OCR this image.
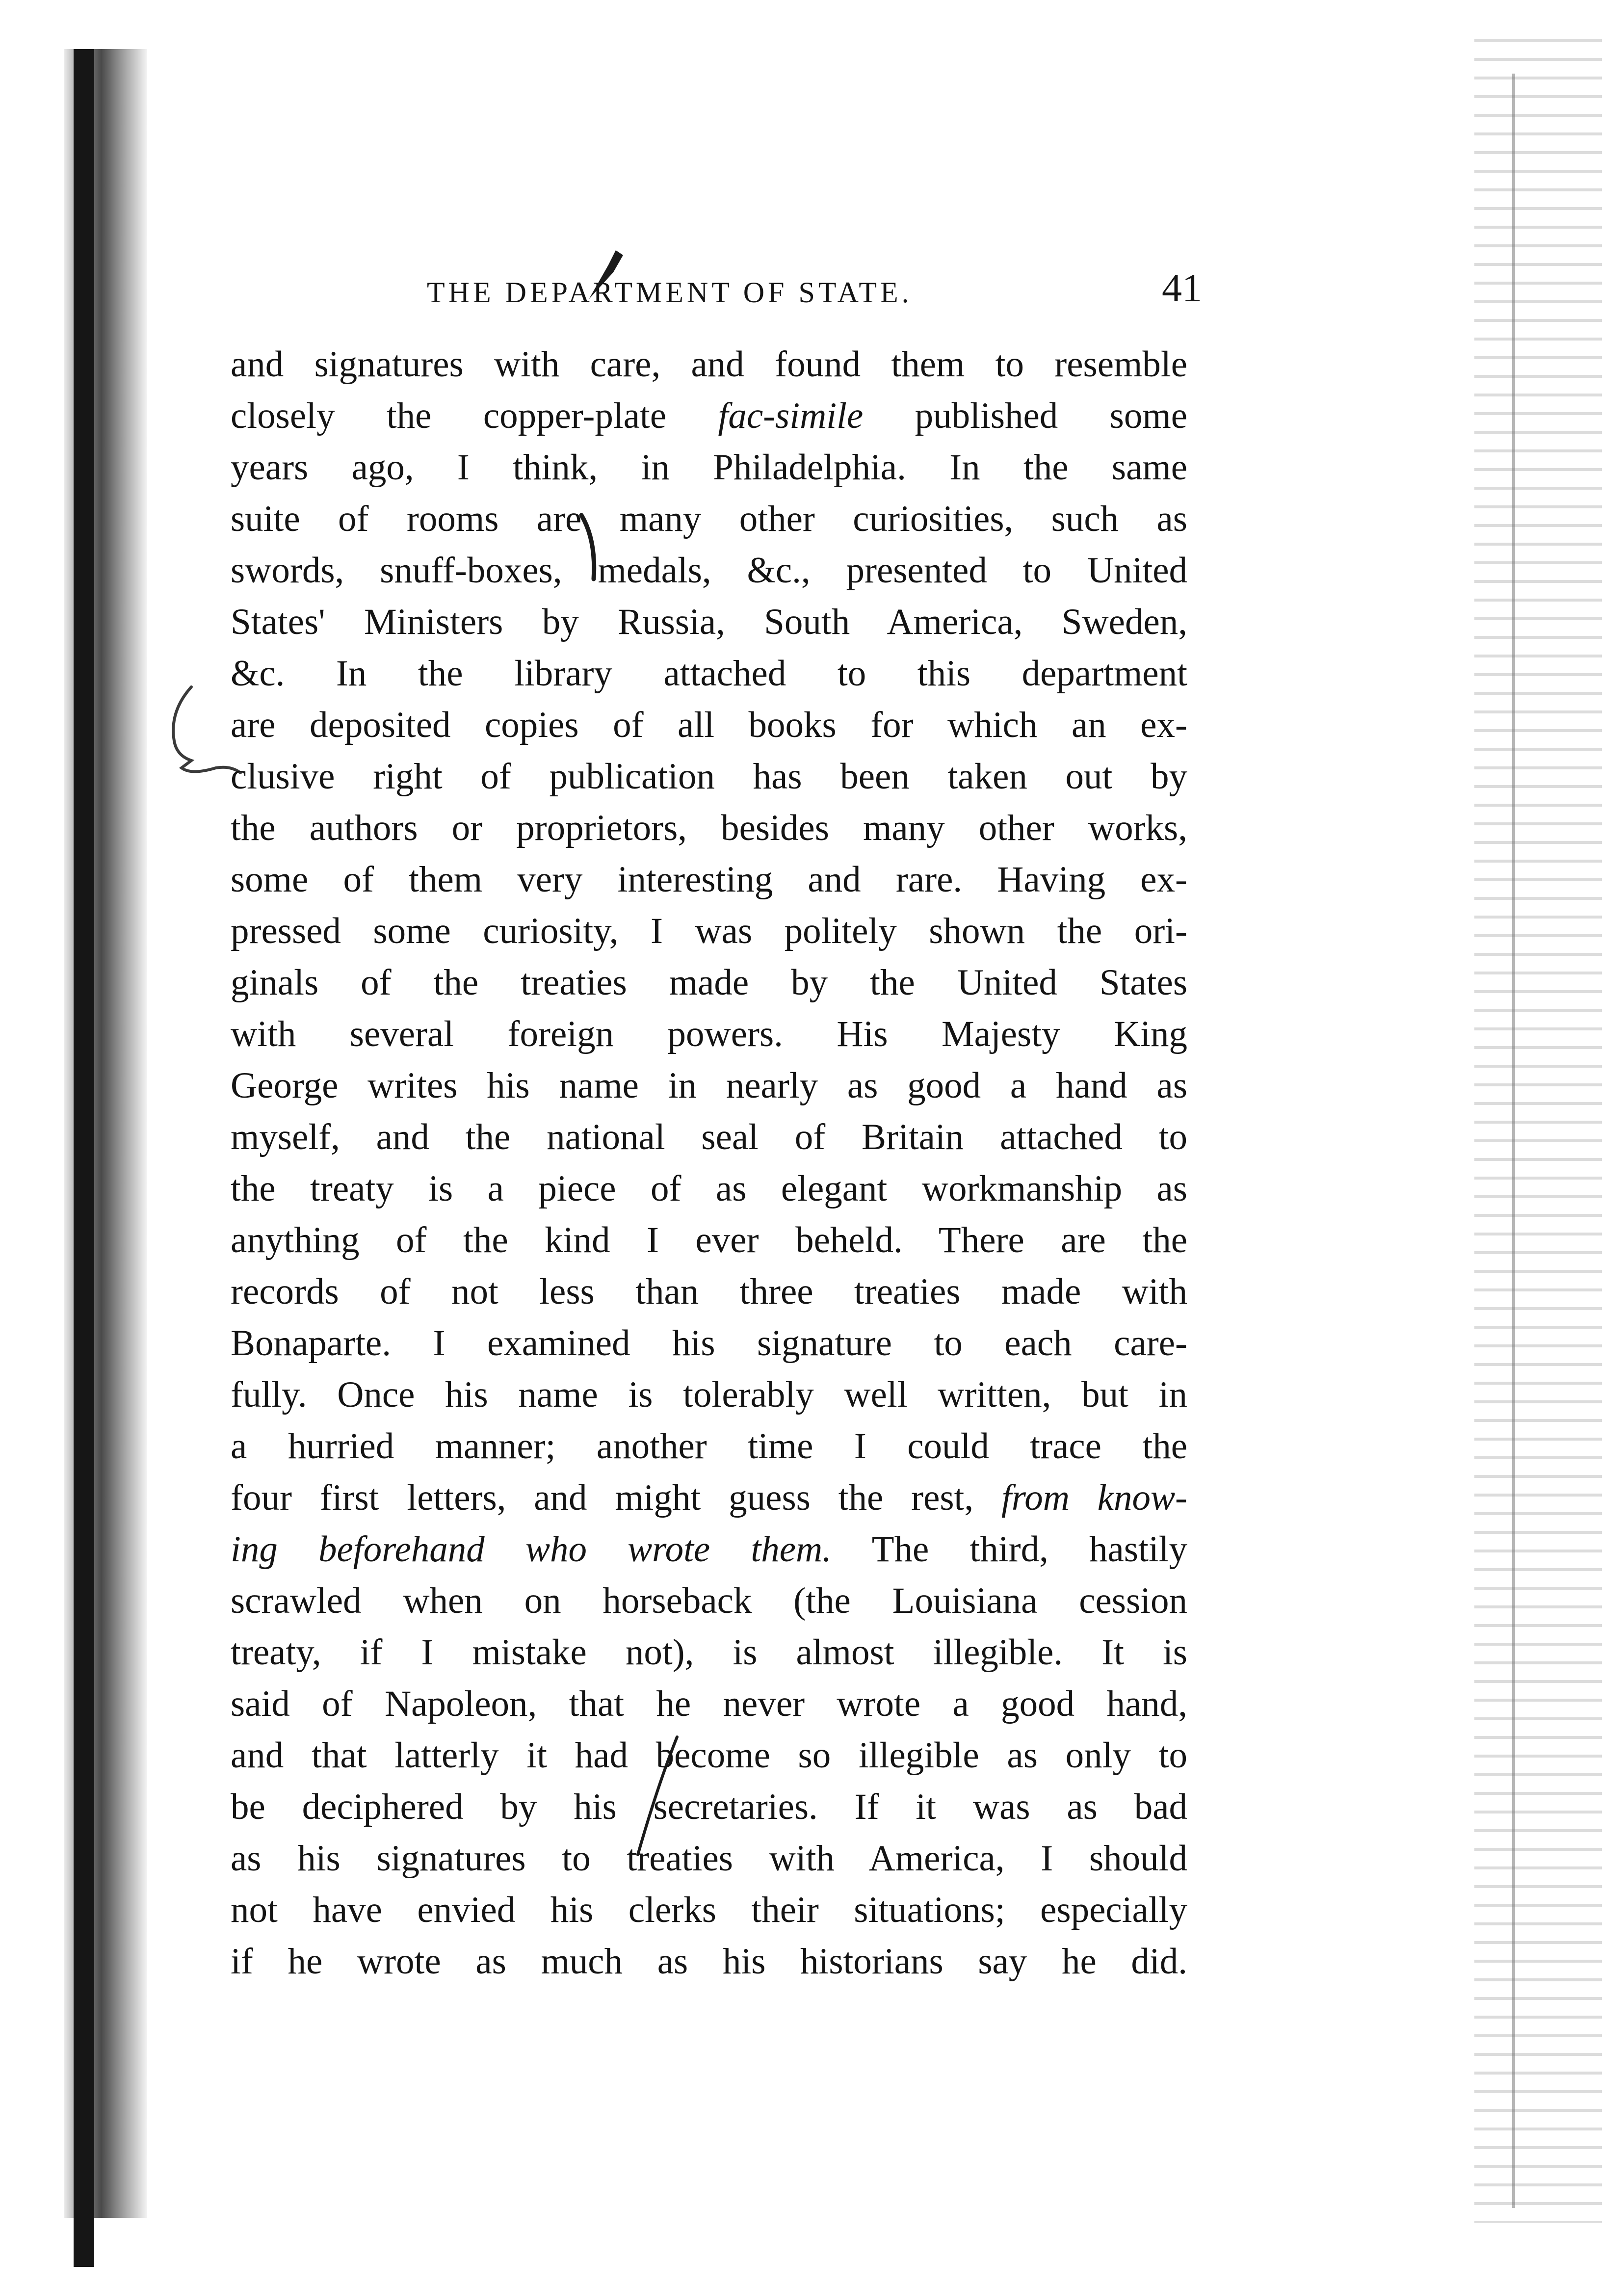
THE DEPARTMENT OF STATE.	41
and signatures with care, and found them to resemble
closely the copper-plate fac-simile published some
years ago, I think, in Philadelphia. In the same
suite of rooms are many other curiosities, such as
swords, snuff-boxes, medals, &c., presented to United
States' Ministers by Russia, South America, Sweden,
&c. In the library attached to this department
are deposited copies of all books for which an ex-
clusive right of publication has been taken out by
the authors or proprietors, besides many other works,
some of them very interesting and rare. Having ex-
pressed some curiosity, I was politely shown the ori-
ginals of the treaties made by the United States
with several foreign powers. His Majesty King
George writes his name in nearly as good a hand as
myself, and the national seal of Britain attached to
the treaty is a piece of as elegant workmanship as
anything of the kind I ever beheld. There are the
records of not less than three treaties made with
Bonaparte. I examined his signature to each care-
fully. Once his name is tolerably well written, but in
a hurried manner; another time I could trace the
four first letters, and might guess the rest, from know-
ing beforehand who wrote them. The third, hastily
scrawled when on horseback (the Louisiana cession
treaty, if I mistake not), is almost illegible. It is
said of Napoleon, that he never wrote a good hand,
and that latterly it had become so illegible as only to
be deciphered by his secretaries. If it was as bad
as his signatures to treaties with America, I should
not have envied his clerks their situations; especially
if he wrote as much as his historians say he did.
